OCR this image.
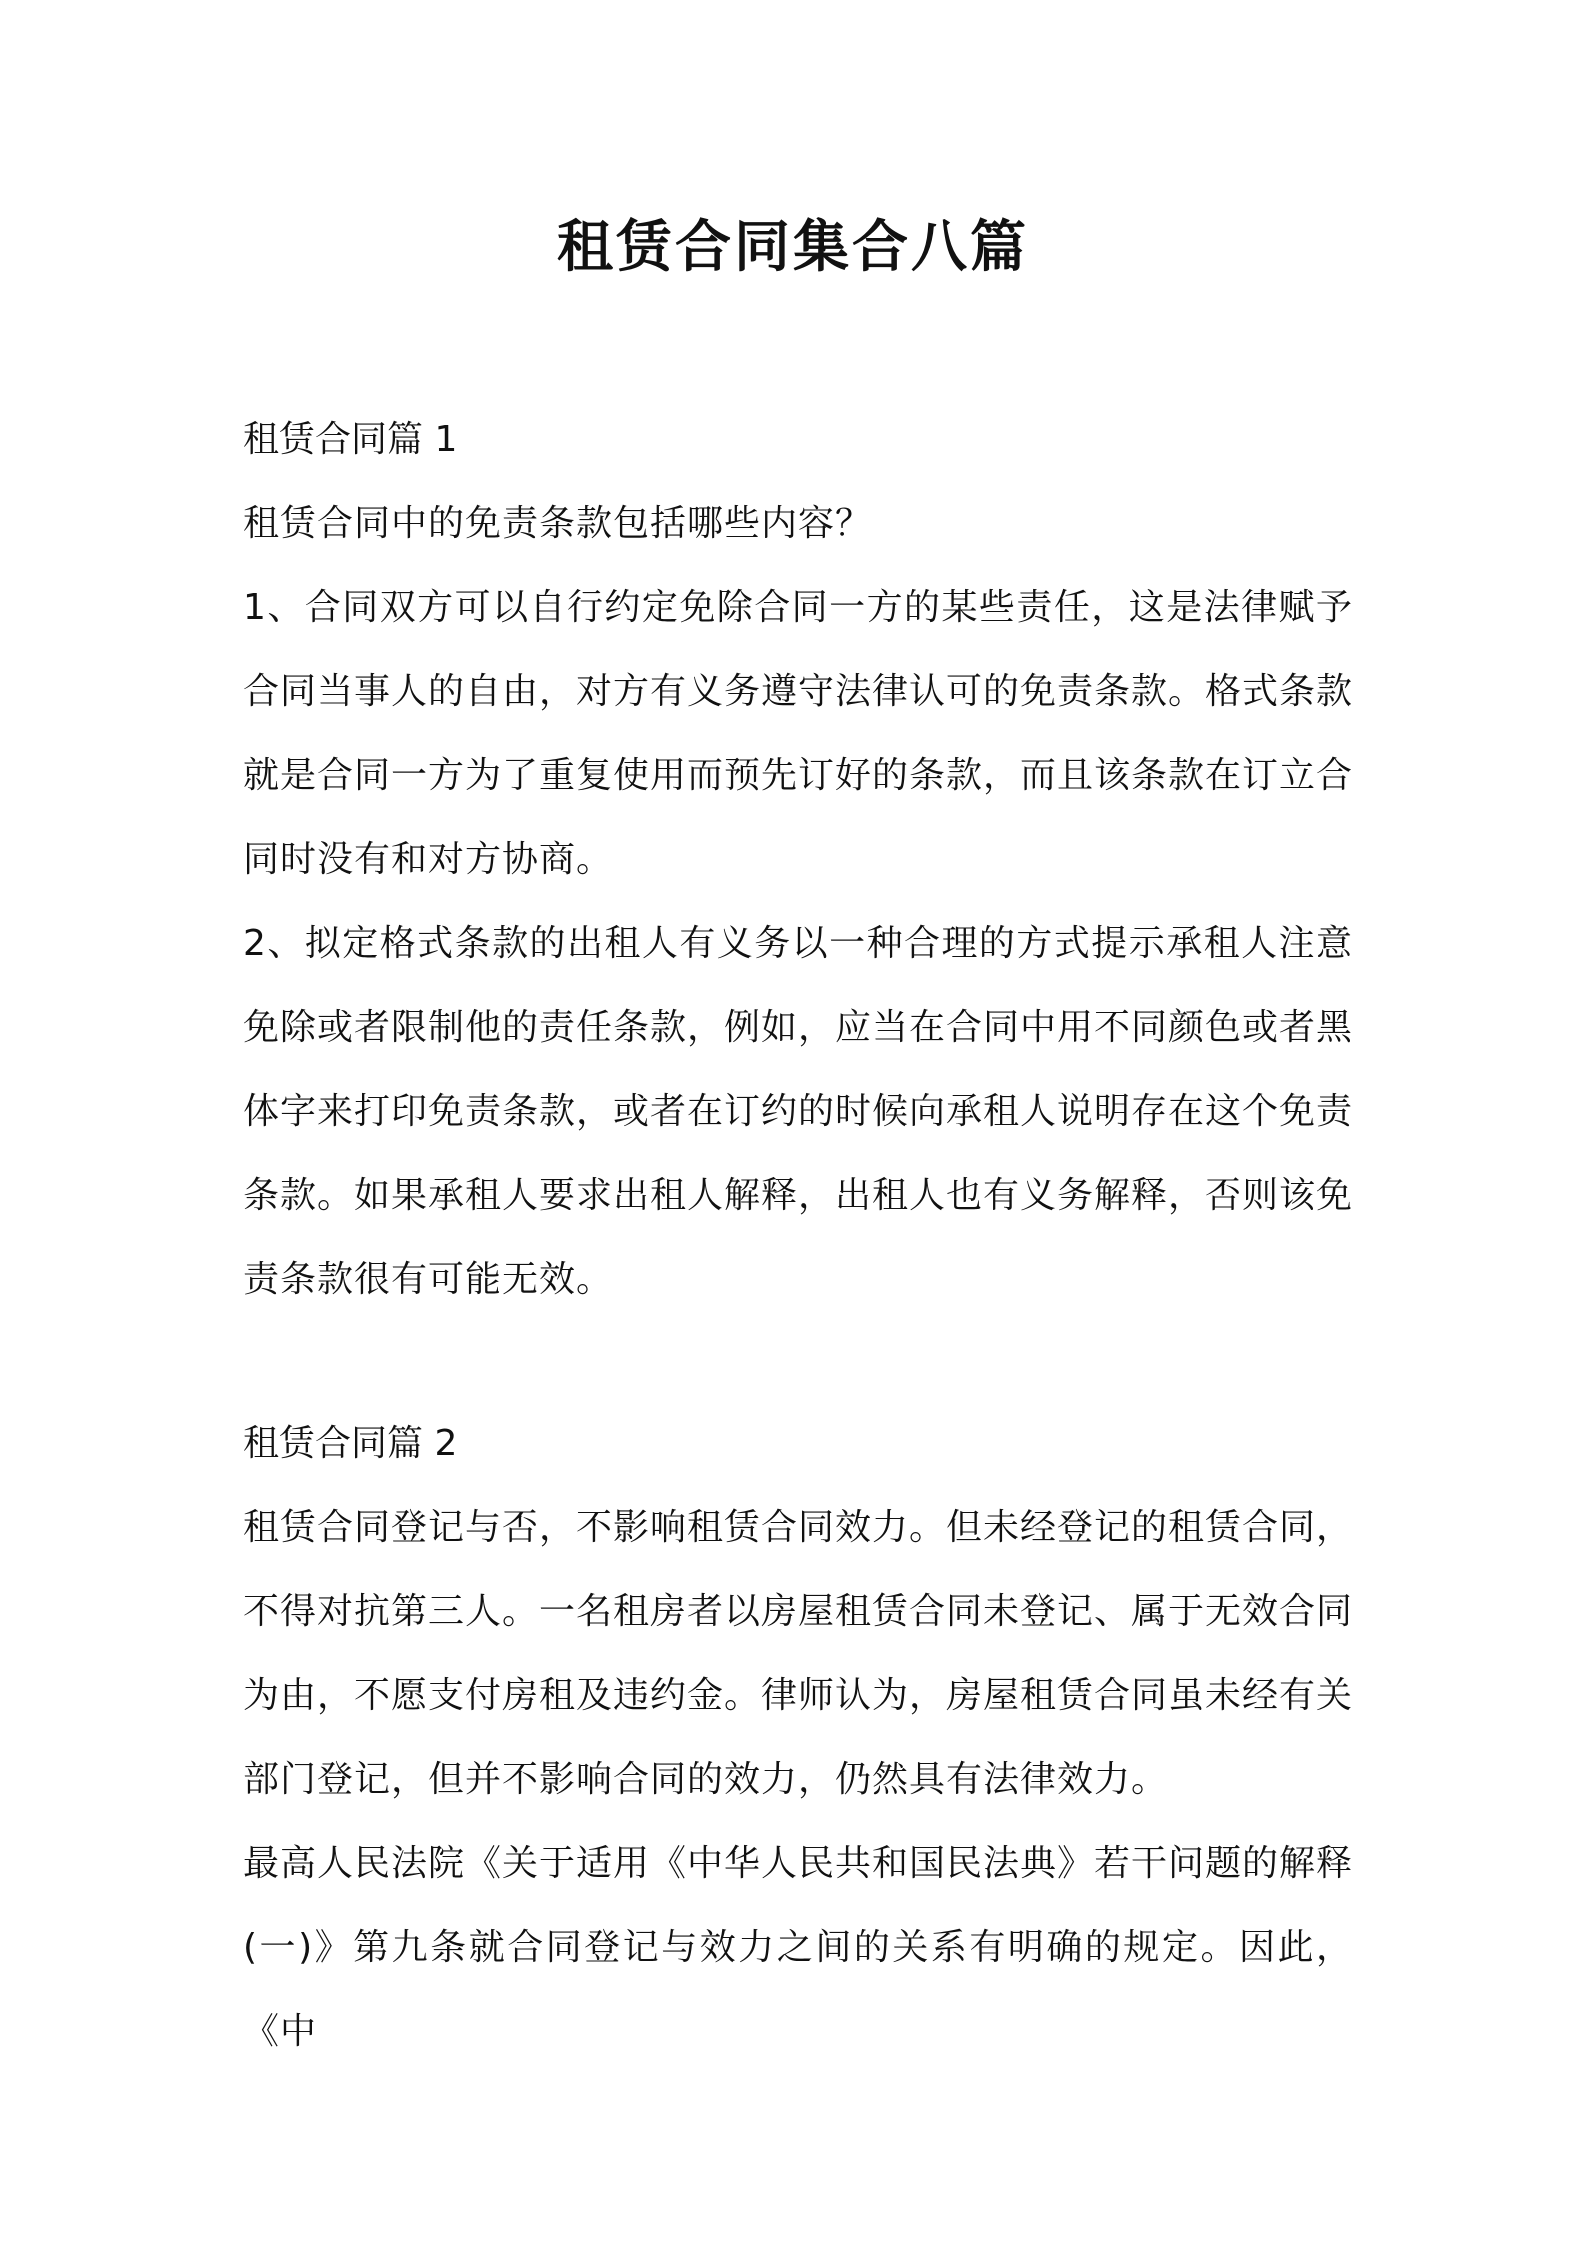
租赁合同集合八篇

租赁合同篇 1

租赁合同中的免责条款包括哪些内容？

1、合同双方可以自行约定免除合同一方的某些责任，这是法律赋予合同当事人的自由，对方有义务遵守法律认可的免责条款。格式条款就是合同一方为了重复使用而预先订好的条款，而且该条款在订立合同时没有和对方协商。

2、拟定格式条款的出租人有义务以一种合理的方式提示承租人注意免除或者限制他的责任条款，例如，应当在合同中用不同颜色或者黑体字来打印免责条款，或者在订约的时候向承租人说明存在这个免责条款。如果承租人要求出租人解释，出租人也有义务解释，否则该免责条款很有可能无效。

租赁合同篇 2

租赁合同登记与否，不影响租赁合同效力。但未经登记的租赁合同，不得对抗第三人。一名租房者以房屋租赁合同未登记、属于无效合同为由，不愿支付房租及违约金。律师认为，房屋租赁合同虽未经有关部门登记，但并不影响合同的效力，仍然具有法律效力。

最高人民法院《关于适用《中华人民共和国民法典》若干问题的解释(一)》第九条就合同登记与效力之间的关系有明确的规定。因此，《中
